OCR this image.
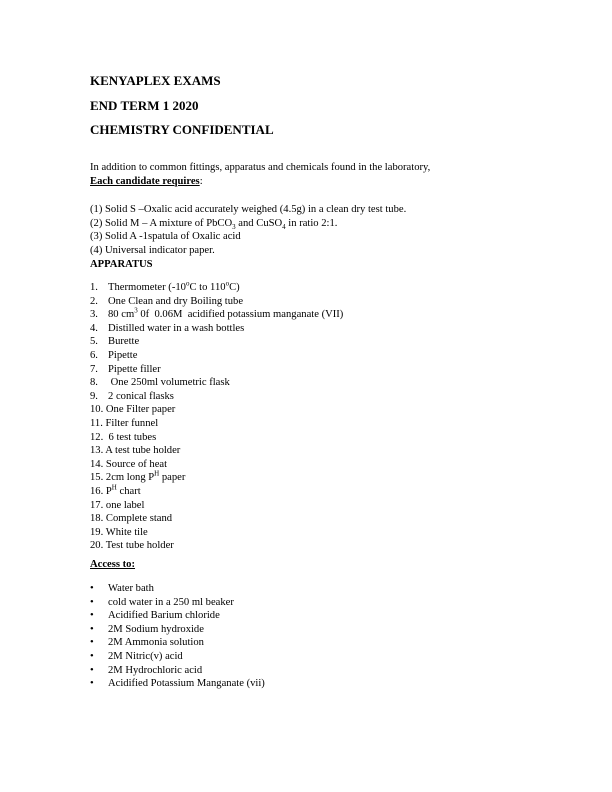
KENYAPLEX EXAMS
END TERM 1 2020
CHEMISTRY CONFIDENTIAL

In addition to common fittings, apparatus and chemicals found in the laboratory,

Each candidate requires:

(1) Solid S –Oxalic acid accurately weighed (4.5g) in a clean dry test tube.

(2) Solid M – A mixture of PbCO$_3$ and CuSO$_4$ in ratio 2:1.

(3) Solid A -1spatula of Oxalic acid

(4) Universal indicator paper.

APPARATUS
1. Thermometer (-10$^o$C to 110$^o$C)
2. One Clean and dry Boiling tube
3. 80 $cm^3$ 0f  0.06M  acidified potassium manganate (VII)
4. Distilled water in a wash bottles
5. Burette
6. Pipette
7. Pipette filler
8. One 250ml volumetric flask
9. 2 conical flasks

10. One Filter paper

11. Filter funnel

12.  6 test tubes

13. A test tube holder

14. Source of heat

15. 2cm long $P^H$ paper

16. $P^H$ chart

17. one label

18. Complete stand

19. White tile

20. Test tube holder

Access to:
•	Water bath
•	cold water in a 250 ml beaker
•	Acidified Barium chloride
•	2M Sodium hydroxide
•	2M Ammonia solution
•	2M Nitric(v) acid
•	2M Hydrochloric acid
•	Acidified Potassium Manganate (vii)
